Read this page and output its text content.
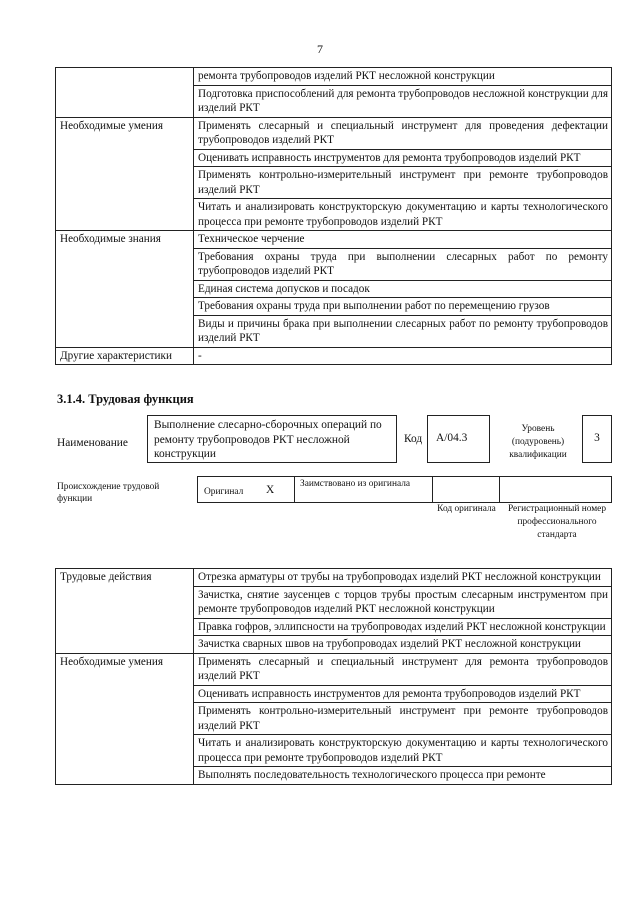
7
	ремонта трубопроводов изделий РКТ несложной конструкции
	Подготовка приспособлений для ремонта трубопроводов несложной конструкции для изделий РКТ
Необходимые умения	Применять слесарный и специальный инструмент для проведения дефектации трубопроводов изделий РКТ
	Оценивать исправность инструментов для ремонта трубопроводов изделий РКТ
	Применять контрольно-измерительный инструмент при ремонте трубопроводов изделий РКТ
	Читать и анализировать конструкторскую документацию и карты технологического процесса при ремонте трубопроводов изделий РКТ
Необходимые знания	Техническое черчение
	Требования охраны труда при выполнении слесарных работ по ремонту трубопроводов изделий РКТ
	Единая система допусков и посадок
	Требования охраны труда при выполнении работ по перемещению грузов
	Виды и причины брака при выполнении слесарных работ по ремонту трубопроводов изделий РКТ
Другие характеристики	-
3.1.4. Трудовая функция
Наименование
Выполнение слесарно-сборочных операций по ремонту трубопроводов РКТ несложной конструкции
Код	А/04.3
Уровень (подуровень) квалификации
3
Происхождение трудовой функции
Оригинал X	Заимствовано из оригинала
Код оригинала	Регистрационный номер профессионального стандарта
Трудовые действия	Отрезка арматуры от трубы на трубопроводах изделий РКТ несложной конструкции
	Зачистка, снятие заусенцев с торцов трубы простым слесарным инструментом при ремонте трубопроводов изделий РКТ несложной конструкции
	Правка гофров, эллипсности на трубопроводах изделий РКТ несложной конструкции
	Зачистка сварных швов на трубопроводах изделий РКТ несложной конструкции
Необходимые умения	Применять слесарный и специальный инструмент для ремонта трубопроводов изделий РКТ
	Оценивать исправность инструментов для ремонта трубопроводов изделий РКТ
	Применять контрольно-измерительный инструмент при ремонте трубопроводов изделий РКТ
	Читать и анализировать конструкторскую документацию и карты технологического процесса при ремонте трубопроводов изделий РКТ
	Выполнять последовательность технологического процесса при ремонте
